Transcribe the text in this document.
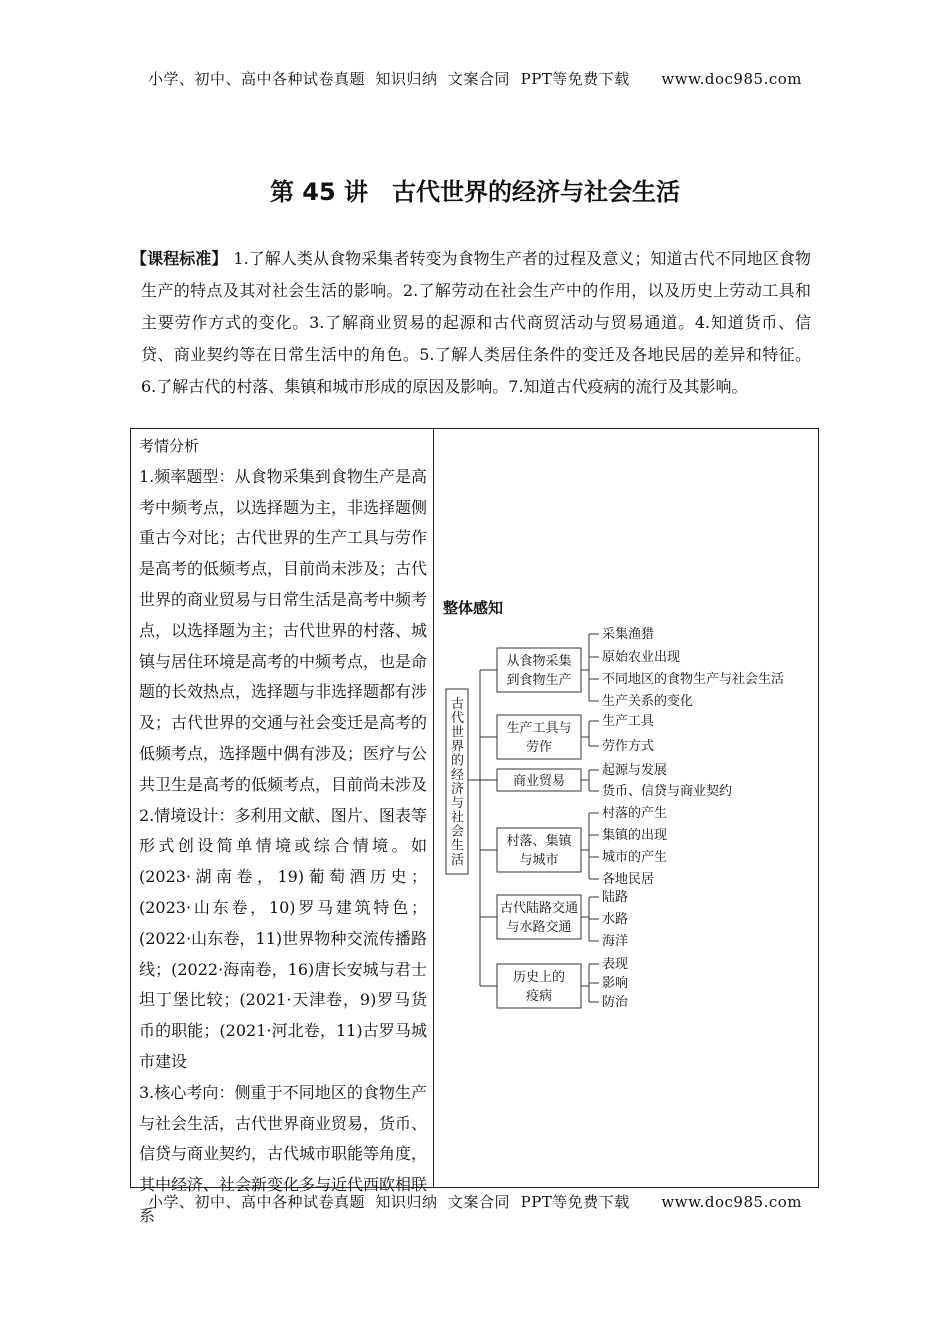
小学、初中、高中各种试卷真题  知识归纳  文案合同  PPT等免费下载      www.doc985.com
第 45 讲　古代世界的经济与社会生活
【课程标准】 1.了解人类从食物采集者转变为食物生产者的过程及意义；知道古代不同地区食物生产的特点及其对社会生活的影响。2.了解劳动在社会生产中的作用，以及历史上劳动工具和主要劳作方式的变化。3.了解商业贸易的起源和古代商贸活动与贸易通道。4.知道货币、信贷、商业契约等在日常生活中的角色。5.了解人类居住条件的变迁及各地民居的差异和特征。6.了解古代的村落、集镇和城市形成的原因及影响。7.知道古代疫病的流行及其影响。

考情分析

1.频率题型：从食物采集到食物生产是高考中频考点，以选择题为主，非选择题侧重古今对比；古代世界的生产工具与劳作是高考的低频考点，目前尚未涉及；古代世界的商业贸易与日常生活是高考中频考点，以选择题为主；古代世界的村落、城镇与居住环境是高考的中频考点，也是命题的长效热点，选择题与非选择题都有涉及；古代世界的交通与社会变迁是高考的低频考点，选择题中偶有涉及；医疗与公共卫生是高考的低频考点，目前尚未涉及

2.情境设计：多利用文献、图片、图表等形式创设简单情境或综合情境。如(2023·湖南卷，19)葡萄酒历史；(2023·山东卷，10)罗马建筑特色；(2022·山东卷，11)世界物种交流传播路线；(2022·海南卷，16)唐长安城与君士坦丁堡比较；(2021·天津卷，9)罗马货币的职能；(2021·河北卷，11)古罗马城市建设

3.核心考向：侧重于不同地区的食物生产与社会生活，古代世界商业贸易，货币、信贷与商业契约，古代城市职能等角度，其中经济、社会新变化多与近代西欧相联系

整体感知
古
代
世
界
的
经
济
与
社
会
生
活
从食物采集
到食物生产
采集渔猎
原始农业出现
不同地区的食物生产与社会生活
生产关系的变化
生产工具与
劳作
生产工具
劳作方式
商业贸易
起源与发展
货币、信贷与商业契约
村落、集镇
与城市
村落的产生
集镇的出现
城市的产生
各地民居
古代陆路交通
与水路交通
陆路
水路
海洋
历史上的
疫病
表现
影响
防治
小学、初中、高中各种试卷真题  知识归纳  文案合同  PPT等免费下载      www.doc985.com
